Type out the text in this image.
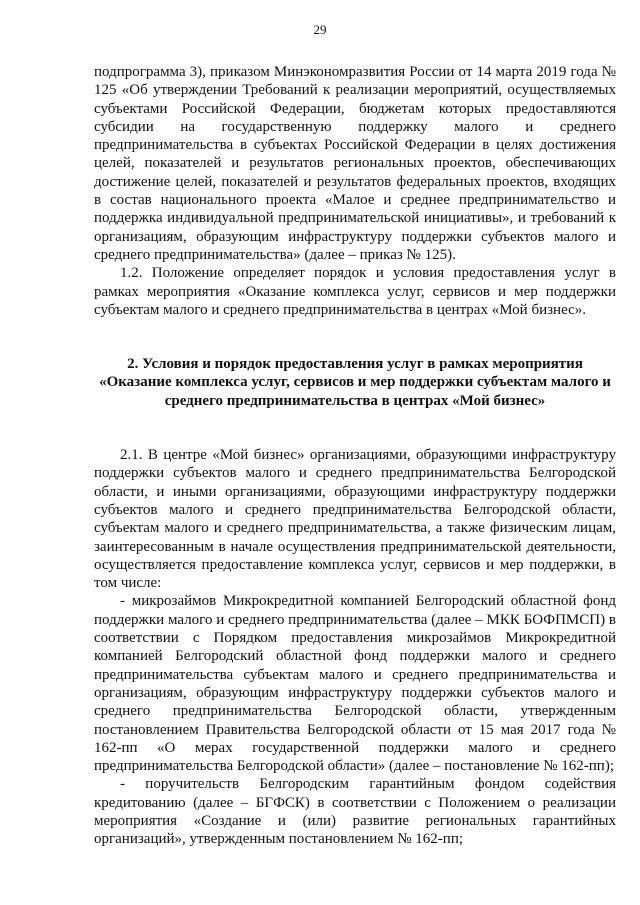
29

подпрограмма 3), приказом Минэкономразвития России от 14 марта 2019 года № 125 «Об утверждении Требований к реализации мероприятий, осуществляемых субъектами Российской Федерации, бюджетам которых предоставляются субсидии на государственную поддержку малого и среднего предпринимательства в субъектах Российской Федерации в целях достижения целей, показателей и результатов региональных проектов, обеспечивающих достижение целей, показателей и результатов федеральных проектов, входящих в состав национального проекта «Малое и среднее предпринимательство и поддержка индивидуальной предпринимательской инициативы», и требований к организациям, образующим инфраструктуру поддержки субъектов малого и среднего предпринимательства» (далее – приказ № 125).

1.2. Положение определяет порядок и условия предоставления услуг в рамках мероприятия «Оказание комплекса услуг, сервисов и мер поддержки субъектам малого и среднего предпринимательства в центрах «Мой бизнес».

2. Условия и порядок предоставления услуг в рамках мероприятия «Оказание комплекса услуг, сервисов и мер поддержки субъектам малого и среднего предпринимательства в центрах «Мой бизнес»

2.1. В центре «Мой бизнес» организациями, образующими инфраструктуру поддержки субъектов малого и среднего предпринимательства Белгородской области, и иными организациями, образующими инфраструктуру поддержки субъектов малого и среднего предпринимательства Белгородской области, субъектам малого и среднего предпринимательства, а также физическим лицам, заинтересованным в начале осуществления предпринимательской деятельности, осуществляется предоставление комплекса услуг, сервисов и мер поддержки, в том числе:

- микрозаймов Микрокредитной компанией Белгородский областной фонд поддержки малого и среднего предпринимательства (далее – МКК БОФПМСП) в соответствии с Порядком предоставления микрозаймов Микрокредитной компанией Белгородский областной фонд поддержки малого и среднего предпринимательства субъектам малого и среднего предпринимательства и организациям, образующим инфраструктуру поддержки субъектов малого и среднего предпринимательства Белгородской области, утвержденным постановлением Правительства Белгородской области от 15 мая 2017 года № 162-пп «О мерах государственной поддержки малого и среднего предпринимательства Белгородской области» (далее – постановление № 162-пп);

- поручительств Белгородским гарантийным фондом содействия кредитованию (далее – БГФСК) в соответствии с Положением о реализации мероприятия «Создание и (или) развитие региональных гарантийных организаций», утвержденным постановлением № 162-пп;
